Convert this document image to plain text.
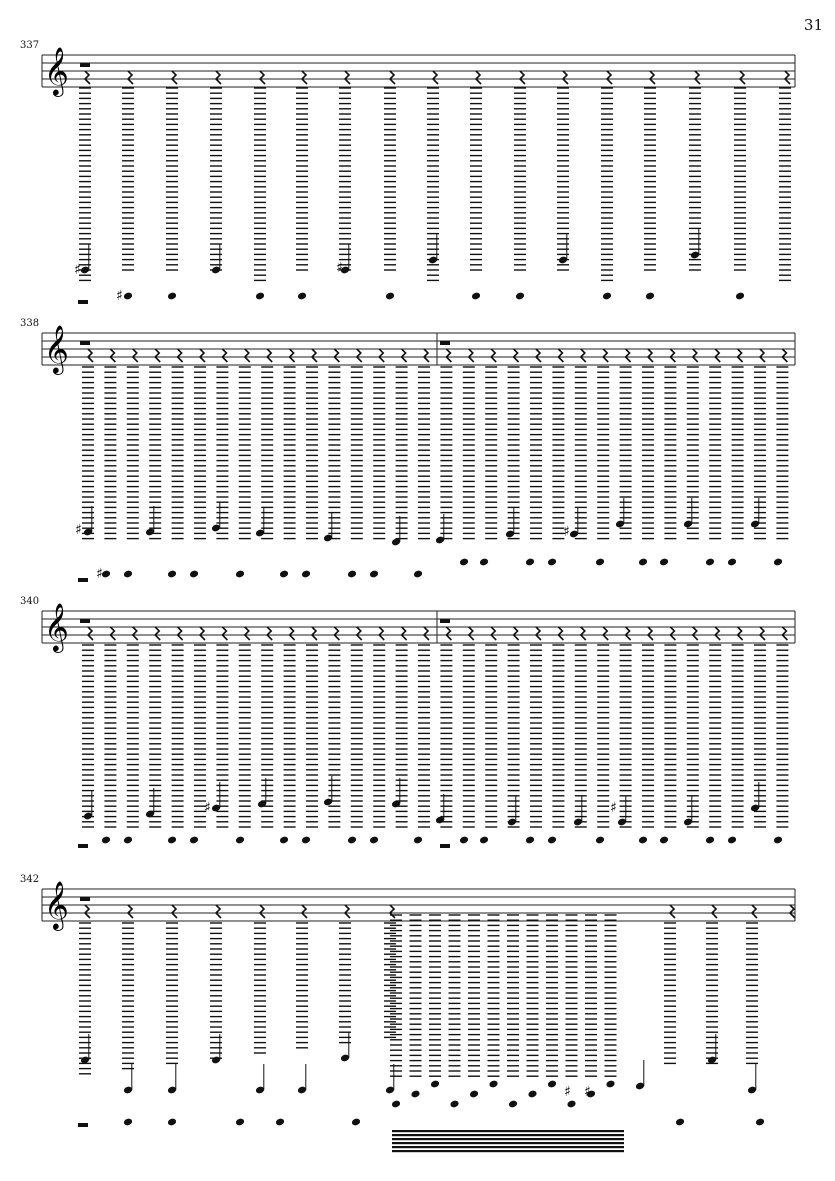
31
337
338
340
342
𝄞
♯
♯
♯
𝄞
♯
♯
♯
𝄞
♯	♯
𝄞
♯ ♯
